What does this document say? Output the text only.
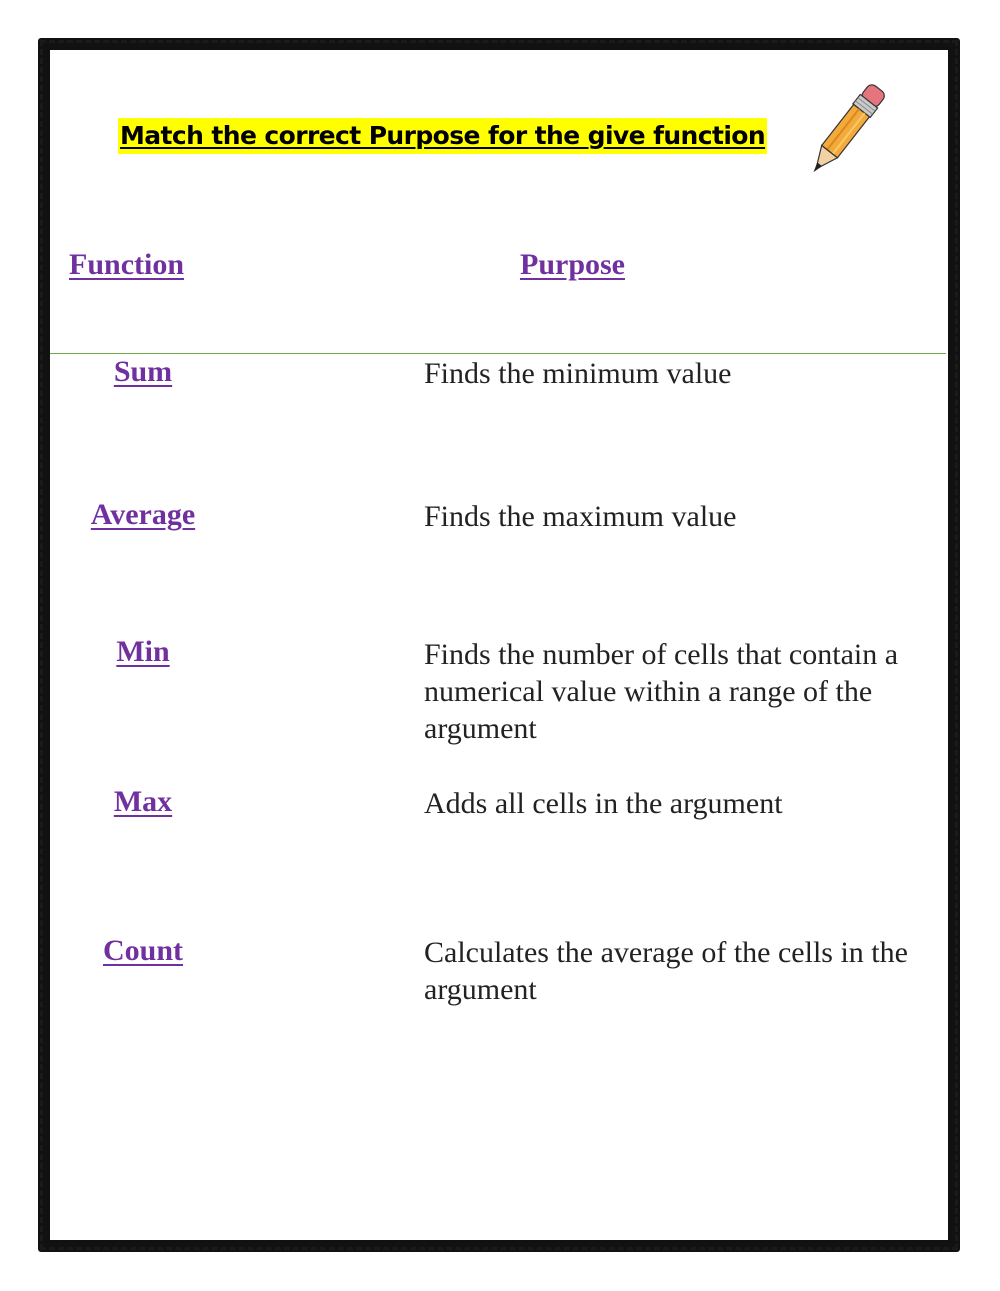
Match the correct Purpose for the give function
Function	Purpose
Sum
Average
Min
Max
Count
Finds the minimum value
Finds the maximum value
Finds the number of cells that contain a numerical value within a range of the argument
Adds all cells in the argument
Calculates the average of the cells in the argument
